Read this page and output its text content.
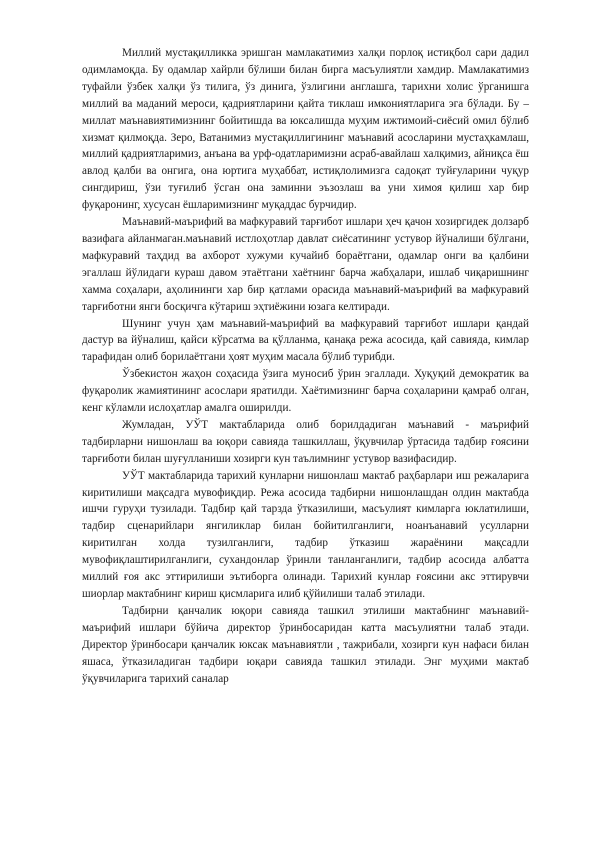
Миллий мустақилликка эришган мамлакатимиз халқи порлоқ истиқбол сари дадил одимламоқда. Бу одамлар хайрли бўлиши билан бирга масъулиятли хамдир. Мамлакатимиз туфайли ўзбек халқи ўз тилига, ўз динига, ўзлигини англашга, тарихни холис ўрганишга миллий ва маданий мероси, қадриятларини қайта тиклаш имкониятларига эга бўлади. Бу – миллат маънавиятимизнинг бойитишда ва юксалишда муҳим ижтимоий-сиёсий омил бўлиб хизмат қилмоқда. Зеро, Ватанимиз мустақиллигининг маънавий асосларини мустаҳкамлаш, миллий қадриятларимиз, анъана ва урф-одатларимизни асраб-авайлаш халқимиз, айниқса ёш авлод қалби ва онгига, она юртига муҳаббат, истиқлолимизга садоқат туйғуларини чуқур сингдириш, ўзи туғилиб ўсган она заминни эъзозлаш ва уни химоя қилиш хар бир фуқаронинг, хусусан ёшларимизнинг муқаддас бурчидир.

Маънавий-маърифий ва мафкуравий тарғибот ишлари ҳеч қачон хозиргидек долзарб вазифага айланмаган.маънавий истлоҳотлар давлат сиёсатининг устувор йўналиши бўлгани, мафкуравий таҳдид ва ахборот хужуми кучайиб бораётгани, одамлар онги ва қалбини эгаллаш йўлидаги кураш давом этаётгани хаётнинг барча жабҳалари, ишлаб чиқаришнинг хамма соҳалари, аҳолининги хар бир қатлами орасида маънавий-маърифий ва мафкуравий тарғиботни янги босқичга кўтариш эҳтиёжини юзага келтиради.

Шунинг учун ҳам маънавий-маърифий ва мафкуравий тарғибот ишлари қандай дастур ва йўналиш, қайси кўрсатма ва қўлланма, қанақа режа асосида, қай савияда, кимлар тарафидан олиб борилаётгани ҳоят муҳим масала бўлиб турибди.

Ўзбекистон жаҳон соҳасида ўзига муносиб ўрин эгаллади. Хуқуқий демократик ва фуқаролик жамиятининг асослари яратилди. Хаётимизнинг барча соҳаларини қамраб олган, кенг кўламли ислоҳатлар амалга оширилди.

Жумладан, УЎТ мактабларида олиб борилдадиган маънавий - маърифий тадбирларни нишонлаш ва юқори савияда ташкиллаш, ўқувчилар ўртасида тадбир ғоясини тарғиботи билан шуғулланиши хозирги кун таълимнинг устувор вазифасидир.

УЎТ мактабларида тарихий кунларни нишонлаш мактаб раҳбарлари иш режаларига киритилиши мақсадга мувофиқдир. Режа асосида тадбирни нишонлашдан олдин мактабда ишчи гуруҳи тузилади. Тадбир қай тарзда ўтказилиши, масъулият кимларга юклатилиши, тадбир сценарийлари янгиликлар билан бойитилганлиги, ноанъанавий усулларни киритилган холда тузилганлиги, тадбир ўтказиш жараёнини мақсадли мувофиқлаштирилганлиги, сухандонлар ўринли танланганлиги, тадбир асосида албатта миллий ғоя акс эттирилиши эътиборга олинади. Тарихий кунлар ғоясини акс эттирувчи шиорлар мактабнинг кириш қисмларига илиб қўйилиши талаб этилади.

Тадбирни қанчалик юқори савияда ташкил этилиши мактабнинг маънавий-маърифий ишлари бўйича директор ўринбосаридан катта масъулиятни талаб этади. Директор ўринбосари қанчалик юксак маънавиятли , тажрибали, хозирги кун нафаси билан яшаса, ўтказиладиган тадбири юқари савияда ташкил этилади. Энг муҳими мактаб ўқувчиларига тарихий саналар
